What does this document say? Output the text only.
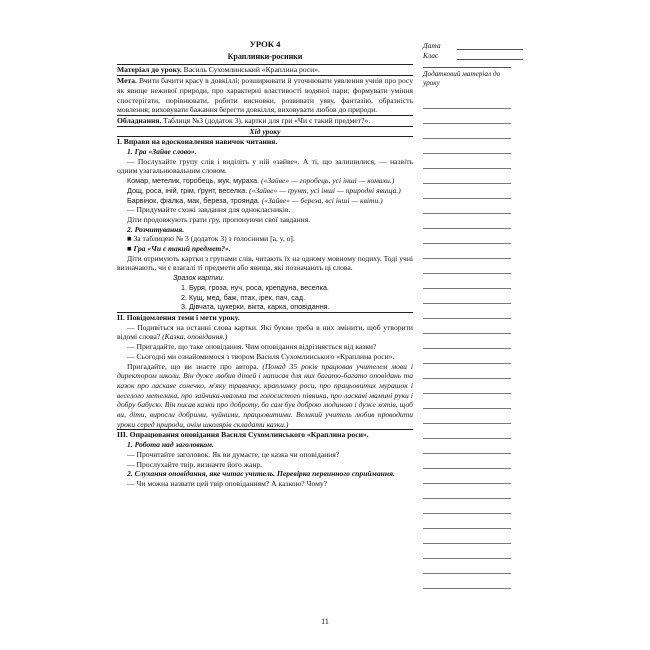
УРОК 4

Краплинки-росинки

Матеріал до уроку. Василь Сухомлинський «Краплина роси».

Мета. Вчити бачити красу в довкіллі; розширювати й уточнювати уявлення учнів про росу як явище неживої природи, про характерні властивості водяної пари; формувати уміння спостерігати, порівнювати, робити висновки, розвивати уяву, фантазію, образність мовлення; виховувати бажання берегти довкілля, виховувати любов до природи.

Обладнання. Таблиця №3 (додаток 3), картки для гри «Чи є такий предмет?».

Хід уроку

I. Вправи на вдосконалення навичок читання.

1. Гра «Зайве слово».

— Послухайте групу слів і виділіть у ній «зайве». А ті, що залишилися, — назвіть одним узагальнювальним словом.

Комар, метелик, горобець, жук, мураха. («Зайве» — горобець, усі інші — комахи.)

Дощ, роса, іній, грім, ґрунт, веселка. («Зайве» — ґрунт, усі інші — природні явища.)

Барвінок, фіалка, мак, береза, троянда. («Зайве» — береза, всі інші — квіти.)

— Придумайте схожі завдання для однокласників.

Діти продовжують грати гру, пропонуючи свої завдання.

2. Розчитування.

■ За таблицею № 3 (додаток 3) з голосними [а, у, о].

■ Гра «Чи є такий предмет?».

Діти отримують картки з групами слів, читають їх на одному мовному подиху. Тоді учні визначають, чи є взагалі ті предмети або явища, які позначають ці слова.

Зразок картки.

1. Буря, гроза, нуч, роса, крепдуна, веселка.

2. Кущ, мед, баж, птах, ірек, пач, сад.

3. Дівчата, цукерки, вікта, карка, оповідання.

II. Повідомлення теми і мети уроку.

— Подивіться на останні слова картки. Які букви треба в них змінити, щоб утворити відомі слова? (Казка, оповідання.)

— Пригадайте, що таке оповідання. Чим оповідання відрізняється від казки?

— Сьогодні ми ознайомимося з твором Василя Сухомлинського «Краплина роси».

Пригадайте, що ви знаєте про автора. (Понад 35 років працював учителем мови і директором школи. Він дуже любив дітей і написав для них багато-багато оповідань та казок про ласкаве сонечко, м'яку травичку, краплинку роси, про працьовитих мурашок і веселого метелика, про зайчика-хвалька та голосистого півника, про ласкаві мамині руки і добру бабусю. Він писав казки про доброту, бо сам був доброю людиною і дуже хотів, щоб ви, діти, виросли добрими, чуйними, працьовитими. Великий учитель любив проводити уроки серед природи, очім школярів складати казки.)

III. Опрацювання оповідання Василя Сухомлинського «Краплина роси».

1. Робота над заголовком.

— Прочитайте заголовок. Як ви думаєте, це казка чи оповідання?

— Прослухайте твір, визначте його жанр.

2. Слухання оповідання, яке читає учитель. Перевірка первинного сприймання.

— Чи можна назвати цей твір оповіданням? А казкою? Чому?

Дата
Клас
Додатковий матеріал до уроку
11
